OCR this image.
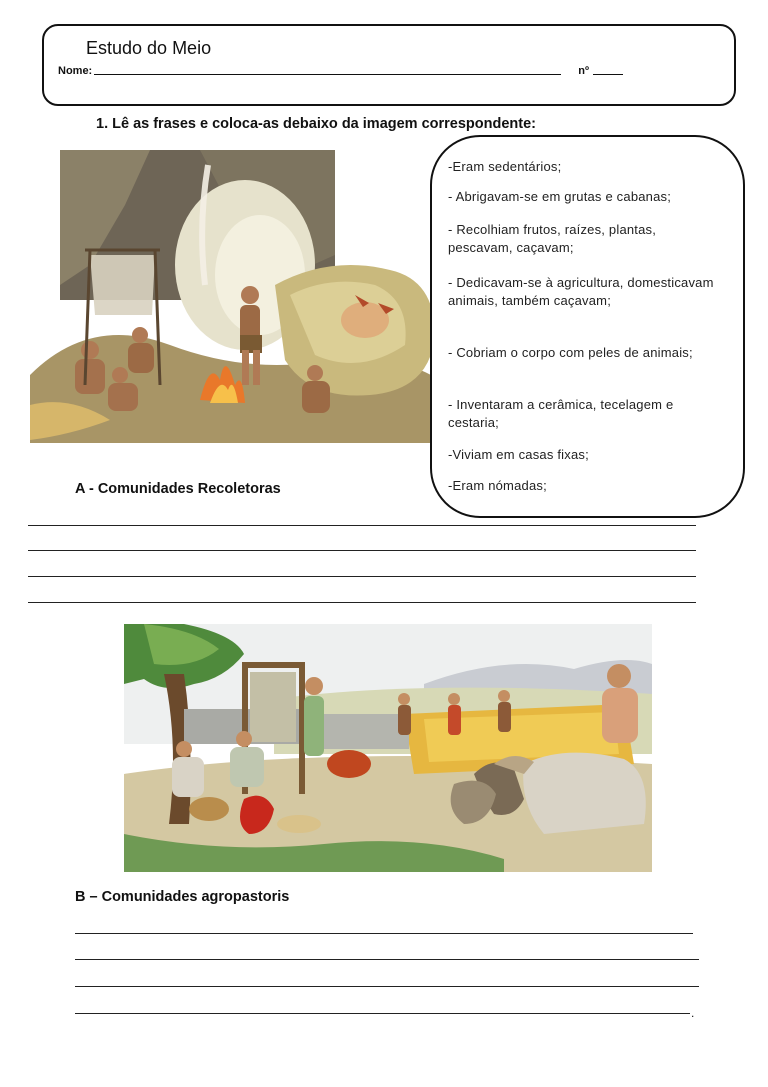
Estudo do Meio
Nome:	nº
1. Lê as frases e coloca-as debaixo da imagem correspondente:
-Eram sedentários;
- Abrigavam-se em grutas e cabanas;
- Recolhiam frutos, raízes, plantas, pescavam, caçavam;
- Dedicavam-se à agricultura, domesticavam animais, também caçavam;
- Cobriam o corpo com peles de animais;
- Inventaram a cerâmica, tecelagem e cestaria;
-Viviam em casas fixas;
-Eram nómadas;
A - Comunidades Recoletoras
B – Comunidades agropastoris
.
